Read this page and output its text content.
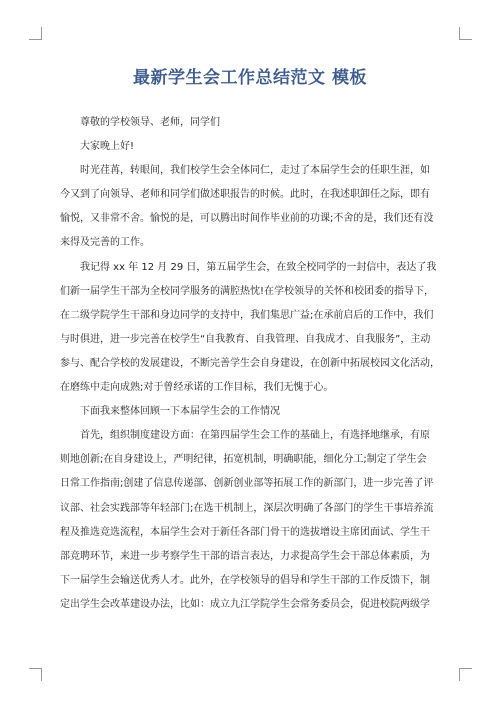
最新学生会工作总结范文 模板

尊敬的学校领导、老师，同学们

大家晚上好!

时光荏苒，转眼间，我们校学生会全体同仁，走过了本届学生会的任职生涯，如
今又到了向领导、老师和同学们做述职报告的时候。此时，在我述职卸任之际，即有
愉悦，又非常不舍。愉悦的是，可以腾出时间作毕业前的功课;不舍的是，我们还有没
来得及完善的工作。
我记得 xx 年 12 月 29 日，第五届学生会，在致全校同学的一封信中，表达了我
们新一届学生干部为全校同学服务的满腔热忱!在学校领导的关怀和校团委的指导下，
在二级学院学生干部和身边同学的支持中，我们集思广益;在承前启后的工作中，我们
与时俱进，进一步完善在校学生“自我教育、自我管理、自我成才、自我服务”，主动
参与、配合学校的发展建设，不断完善学生会自身建设，在创新中拓展校园文化活动，
在磨练中走向成熟;对于曾经承诺的工作目标，我们无愧于心。

下面我来整体回顾一下本届学生会的工作情况

首先，组织制度建设方面：在第四届学生会工作的基础上，有选择地继承，有原
则地创新;在自身建设上，严明纪律，拓宽机制，明确职能，细化分工;制定了学生会
日常工作指南;创建了信息传递部、创新创业部等拓展工作的新部门，进一步完善了评
议部、社会实践部等年轻部门;在选干机制上，深层次明确了各部门的学生干事培养流
程及推选竞选流程，本届学生会对于新任各部门骨干的选拔增设主席团面试、学生干
部竞聘环节，来进一步考察学生干部的语言表达，力求提高学生会干部总体素质，为
下一届学生会输送优秀人才。此外，在学校领导的倡导和学生干部的工作反馈下，制
定出学生会改革建设办法，比如：成立九江学院学生会常务委员会，促进校院两级学
